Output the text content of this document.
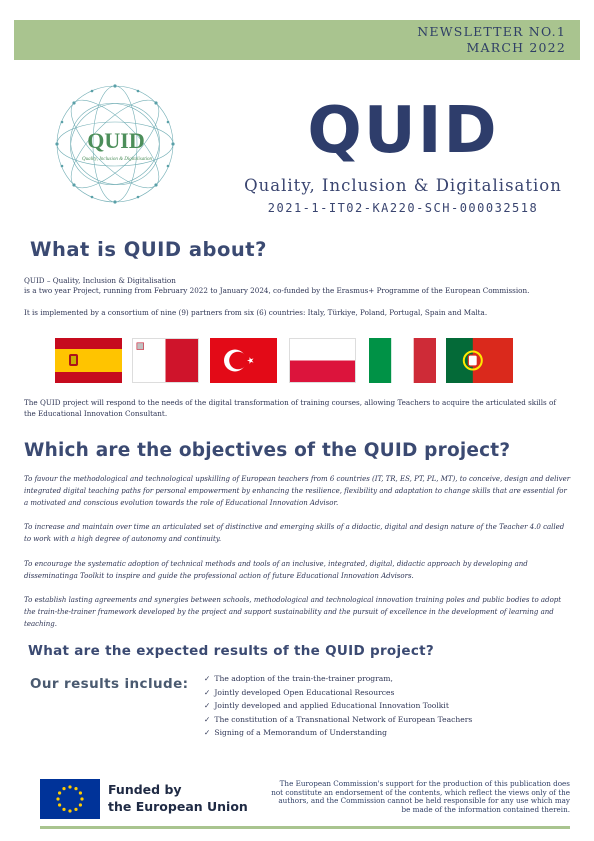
NEWSLETTER NO.1
MARCH 2022
QUID
Quality, Inclusion & Digitalisation	QUID
Quality, Inclusion & Digitalisation
2021-1-IT02-KA220-SCH-000032518
What is QUID about?
QUID – Quality, Inclusion & Digitalisation
is a two year Project, running from February 2022 to January 2024, co-funded by the Erasmus+ Programme of the European Commission.
It is implemented by a consortium of nine (9) partners from six (6) countries: Italy, Türkiye, Poland, Portugal, Spain and Malta.
The QUID project will respond to the needs of the digital transformation of training courses, allowing Teachers to acquire the articulated skills of the Educational Innovation Consultant.
Which are the objectives of the QUID project?
To favour the methodological and technological upskilling of European teachers from 6 countries (IT, TR, ES, PT, PL, MT), to conceive, design and deliver integrated digital teaching paths for personal empowerment by enhancing the resilience, flexibility and adaptation to change skills that are essential for a motivated and conscious evolution towards the role of Educational Innovation Advisor.
To increase and maintain over time an articulated set of distinctive and emerging skills of a didactic, digital and design nature of the Teacher 4.0 called to work with a high degree of autonomy and continuity.
To encourage the systematic adoption of technical methods and tools of an inclusive, integrated, digital, didactic approach by developing and disseminatinga Toolkit to inspire and guide the professional action of future Educational Innovation Advisors.
To establish lasting agreements and synergies between schools, methodological and technological innovation training poles and public bodies to adopt the train-the-trainer framework developed by the project and support sustainability and the pursuit of excellence in the development of learning and teaching.
What are the expected results of the QUID project?
Our results include: ✓ The adoption of the train-the-trainer program,
✓ Jointly developed Open Educational Resources
✓ Jointly developed and applied Educational Innovation Toolkit
✓ The constitution of a Transnational Network of European Teachers
✓ Signing of a Memorandum of Understanding
Funded by
the European Union
The European Commission's support for the production of this publication does not constitute an endorsement of the contents, which reflect the views only of the authors, and the Commission cannot be held responsible for any use which may be made of the information contained therein.
